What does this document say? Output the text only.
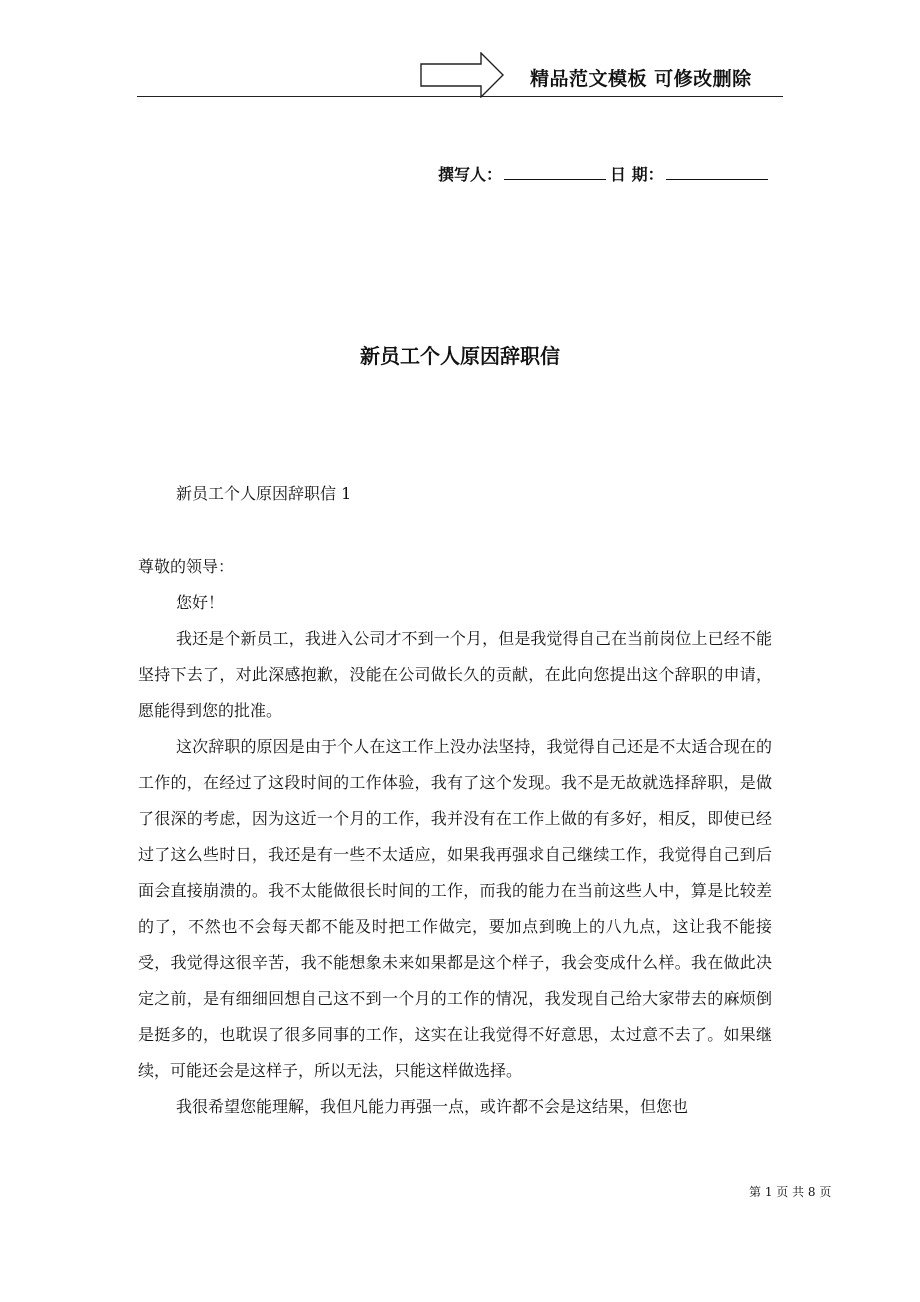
精品范文模板 可修改删除
撰写人：	日 期：
新员工个人原因辞职信
新员工个人原因辞职信 1

尊敬的领导：

您好！

我还是个新员工，我进入公司才不到一个月，但是我觉得自己在当前岗位上已经不能坚持下去了，对此深感抱歉，没能在公司做长久的贡献，在此向您提出这个辞职的申请，愿能得到您的批准。

这次辞职的原因是由于个人在这工作上没办法坚持，我觉得自己还是不太适合现在的工作的，在经过了这段时间的工作体验，我有了这个发现。我不是无故就选择辞职，是做了很深的考虑，因为这近一个月的工作，我并没有在工作上做的有多好，相反，即使已经过了这么些时日，我还是有一些不太适应，如果我再强求自己继续工作，我觉得自己到后面会直接崩溃的。我不太能做很长时间的工作，而我的能力在当前这些人中，算是比较差的了，不然也不会每天都不能及时把工作做完，要加点到晚上的八九点，这让我不能接受，我觉得这很辛苦，我不能想象未来如果都是这个样子，我会变成什么样。我在做此决定之前，是有细细回想自己这不到一个月的工作的情况，我发现自己给大家带去的麻烦倒是挺多的，也耽误了很多同事的工作，这实在让我觉得不好意思，太过意不去了。如果继续，可能还会是这样子，所以无法，只能这样做选择。

我很希望您能理解，我但凡能力再强一点，或许都不会是这结果，但您也

第 1 页 共 8 页
